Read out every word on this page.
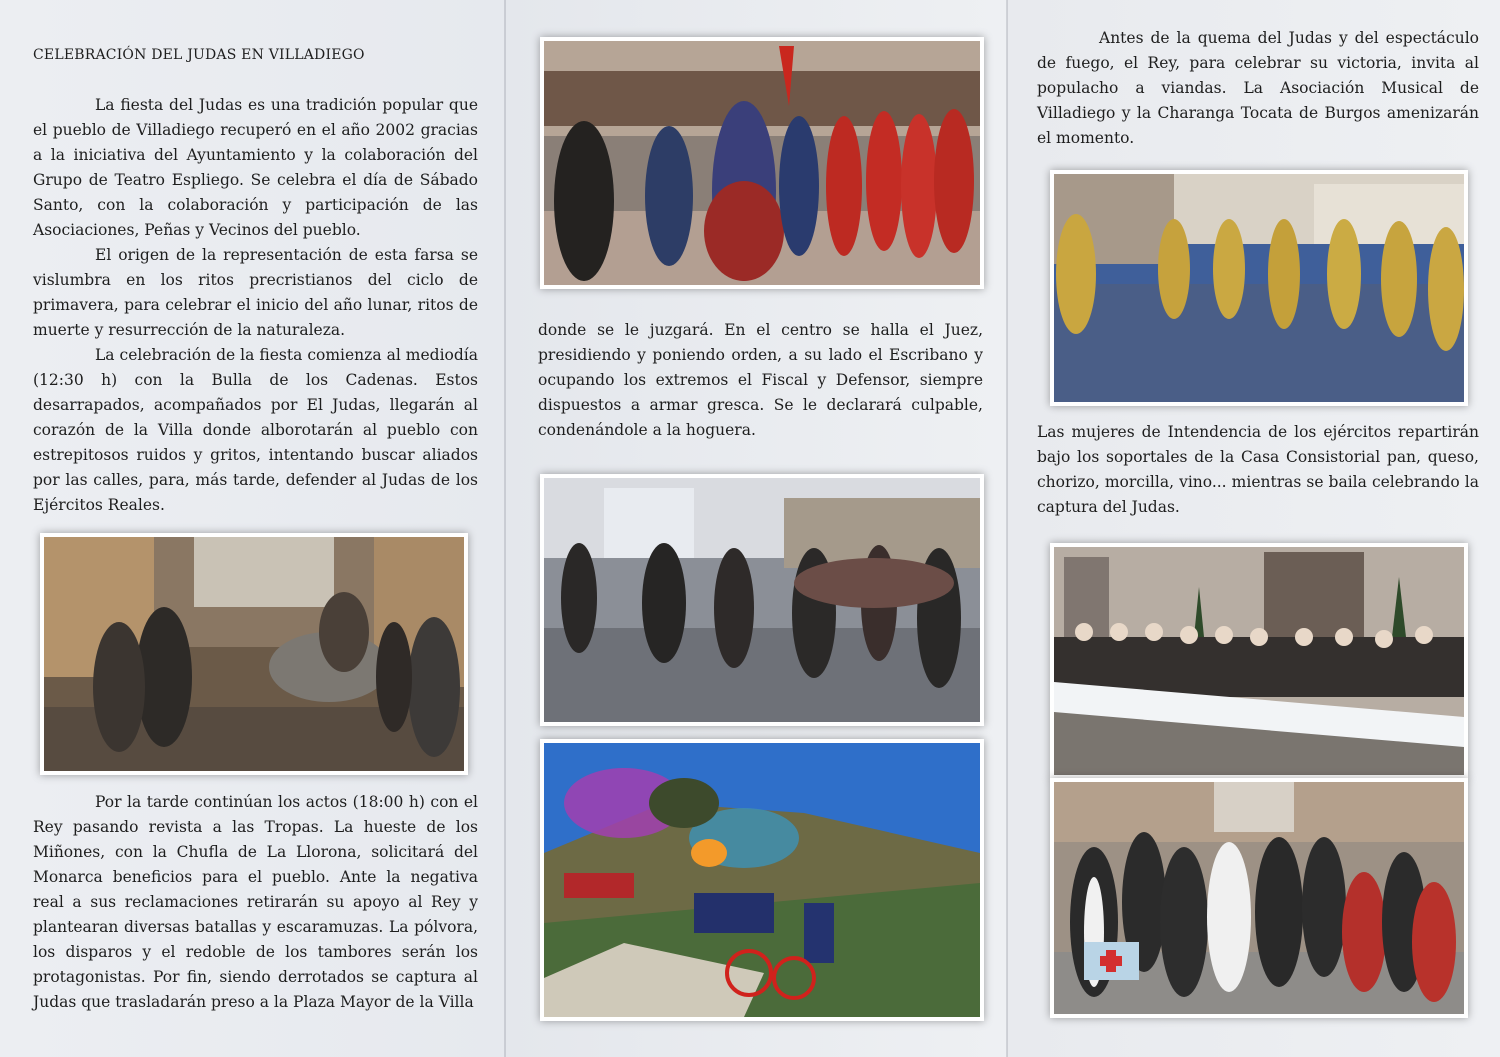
CELEBRACIÓN DEL JUDAS EN VILLADIEGO

La fiesta del Judas es una tradición popular que el pueblo de Villadiego recuperó en el año 2002 gracias a la iniciativa del Ayuntamiento y la colaboración del Grupo de Teatro Espliego. Se celebra el día de Sábado Santo, con la colaboración y participación de las Asociaciones, Peñas y Vecinos del pueblo.

El origen de la representación de esta farsa se vislumbra en los ritos precristianos del ciclo de primavera, para celebrar el inicio del año lunar, ritos de muerte y resurrección de la naturaleza.

La celebración de la fiesta comienza al mediodía (12:30 h) con la Bulla de los Cadenas. Estos desarrapados, acompañados por El Judas, llegarán al corazón de la Villa donde alborotarán al pueblo con estrepitosos ruidos y gritos, intentando buscar aliados por las calles, para, más tarde, defender al Judas de los Ejércitos Reales.

Por la tarde continúan los actos (18:00 h) con el Rey pasando revista a las Tropas. La hueste de los Miñones, con la Chufla de La Llorona, solicitará del Monarca beneficios para el pueblo. Ante la negativa real a sus reclamaciones retirarán su apoyo al Rey y plantearan diversas batallas y escaramuzas. La pólvora, los disparos y el redoble de los tambores serán los protagonistas. Por fin, siendo derrotados se captura al Judas que trasladarán preso a la Plaza Mayor de la Villa

donde se le juzgará. En el centro se halla el Juez, presidiendo y poniendo orden, a su lado el Escribano y ocupando los extremos el Fiscal y Defensor, siempre dispuestos a armar gresca. Se le declarará culpable, condenándole a la hoguera.

Antes de la quema del Judas y del espectáculo de fuego, el Rey, para celebrar su victoria, invita al populacho a viandas. La Asociación Musical de Villadiego y la Charanga Tocata de Burgos amenizarán el momento.

Las mujeres de Intendencia de los ejércitos repartirán bajo los soportales de la Casa Consistorial pan, queso, chorizo, morcilla, vino... mientras se baila celebrando la captura del Judas.
